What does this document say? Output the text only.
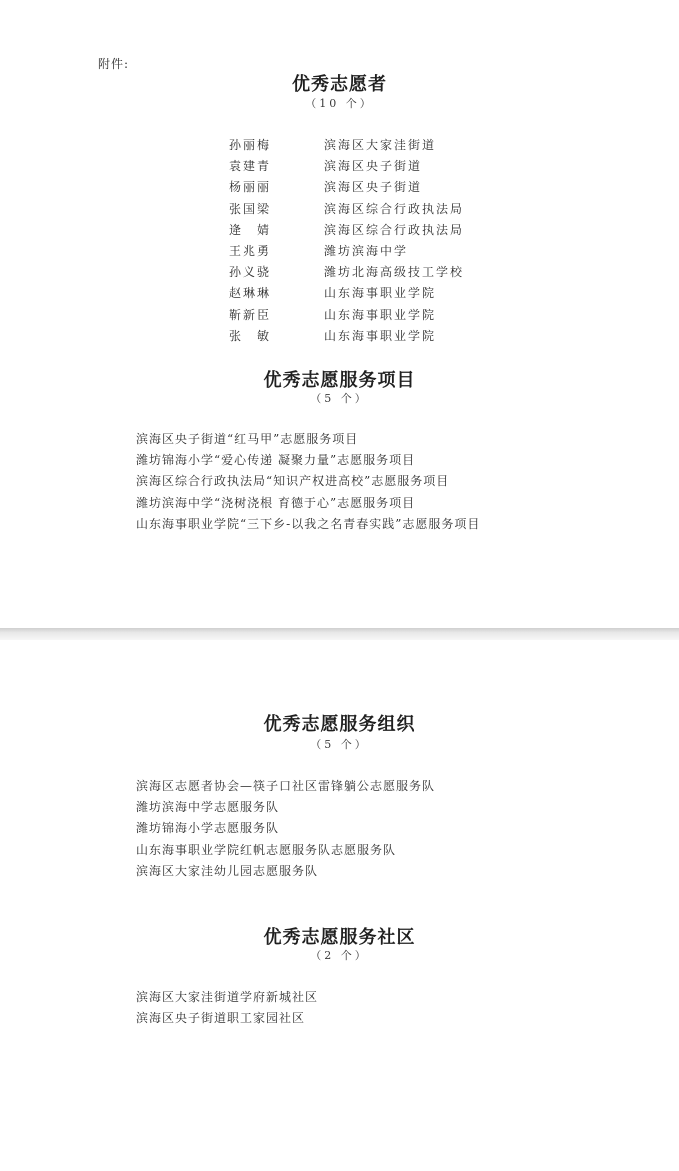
附件:

优秀志愿者
（10 个）
孙丽梅	滨海区大家洼街道
袁建青	滨海区央子街道
杨丽丽	滨海区央子街道
张国梁	滨海区综合行政执法局
逄　婧	滨海区综合行政执法局
王兆勇	潍坊滨海中学
孙义骁	潍坊北海高级技工学校
赵琳琳	山东海事职业学院
靳新臣	山东海事职业学院
张　敏	山东海事职业学院
优秀志愿服务项目
（5 个）
滨海区央子街道“红马甲”志愿服务项目
潍坊锦海小学“爱心传递 凝聚力量”志愿服务项目
滨海区综合行政执法局“知识产权进高校”志愿服务项目
潍坊滨海中学“浇树浇根 育德于心”志愿服务项目
山东海事职业学院“三下乡-以我之名青春实践”志愿服务项目
优秀志愿服务组织
（5 个）
滨海区志愿者协会—筷子口社区雷锋躺公志愿服务队
潍坊滨海中学志愿服务队
潍坊锦海小学志愿服务队
山东海事职业学院红帆志愿服务队志愿服务队
滨海区大家洼幼儿园志愿服务队
优秀志愿服务社区
（2 个）
滨海区大家洼街道学府新城社区
滨海区央子街道职工家园社区
